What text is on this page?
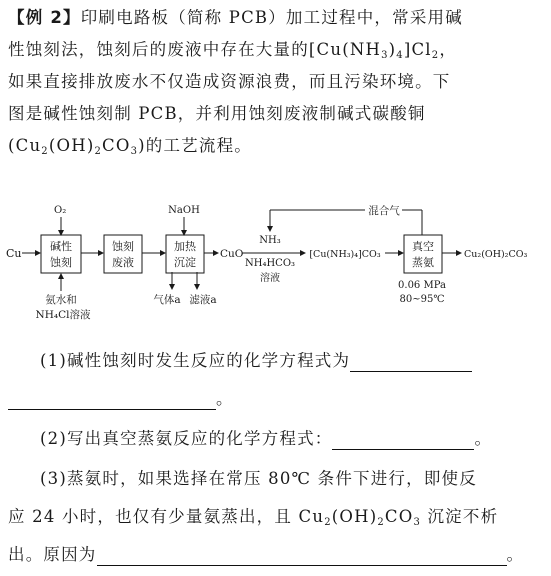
【例 2】印刷电路板（简称 PCB）加工过程中，常采用碱
性蚀刻法，蚀刻后的废液中存在大量的$[Cu(NH_3)_4]Cl_2$，
如果直接排放废水不仅造成资源浪费，而且污染环境。下
图是碱性蚀刻制 PCB，并利用蚀刻废液制碱式碳酸铜
$(Cu_2(OH)_2CO_3)$的工艺流程。
Cu
O₂
碱性
蚀刻
氨水和
NH₄Cl溶液
蚀刻
废液
NaOH
加热
沉淀
气体a 滤液a
CuO
NH₃
NH₄HCO₃
溶液
[Cu(NH₃)₄]CO₃
混合气
真空
蒸氨
0.06 MPa
80~95℃
Cu₂(OH)₂CO₃
(1)碱性蚀刻时发生反应的化学方程式为
。
(2)写出真空蒸氨反应的化学方程式：	。
(3)蒸氨时，如果选择在常压 80℃ 条件下进行，即使反
应 24 小时，也仅有少量氨蒸出，且 $Cu_2(OH)_2CO_3$ 沉淀不析
出。原因为	。
